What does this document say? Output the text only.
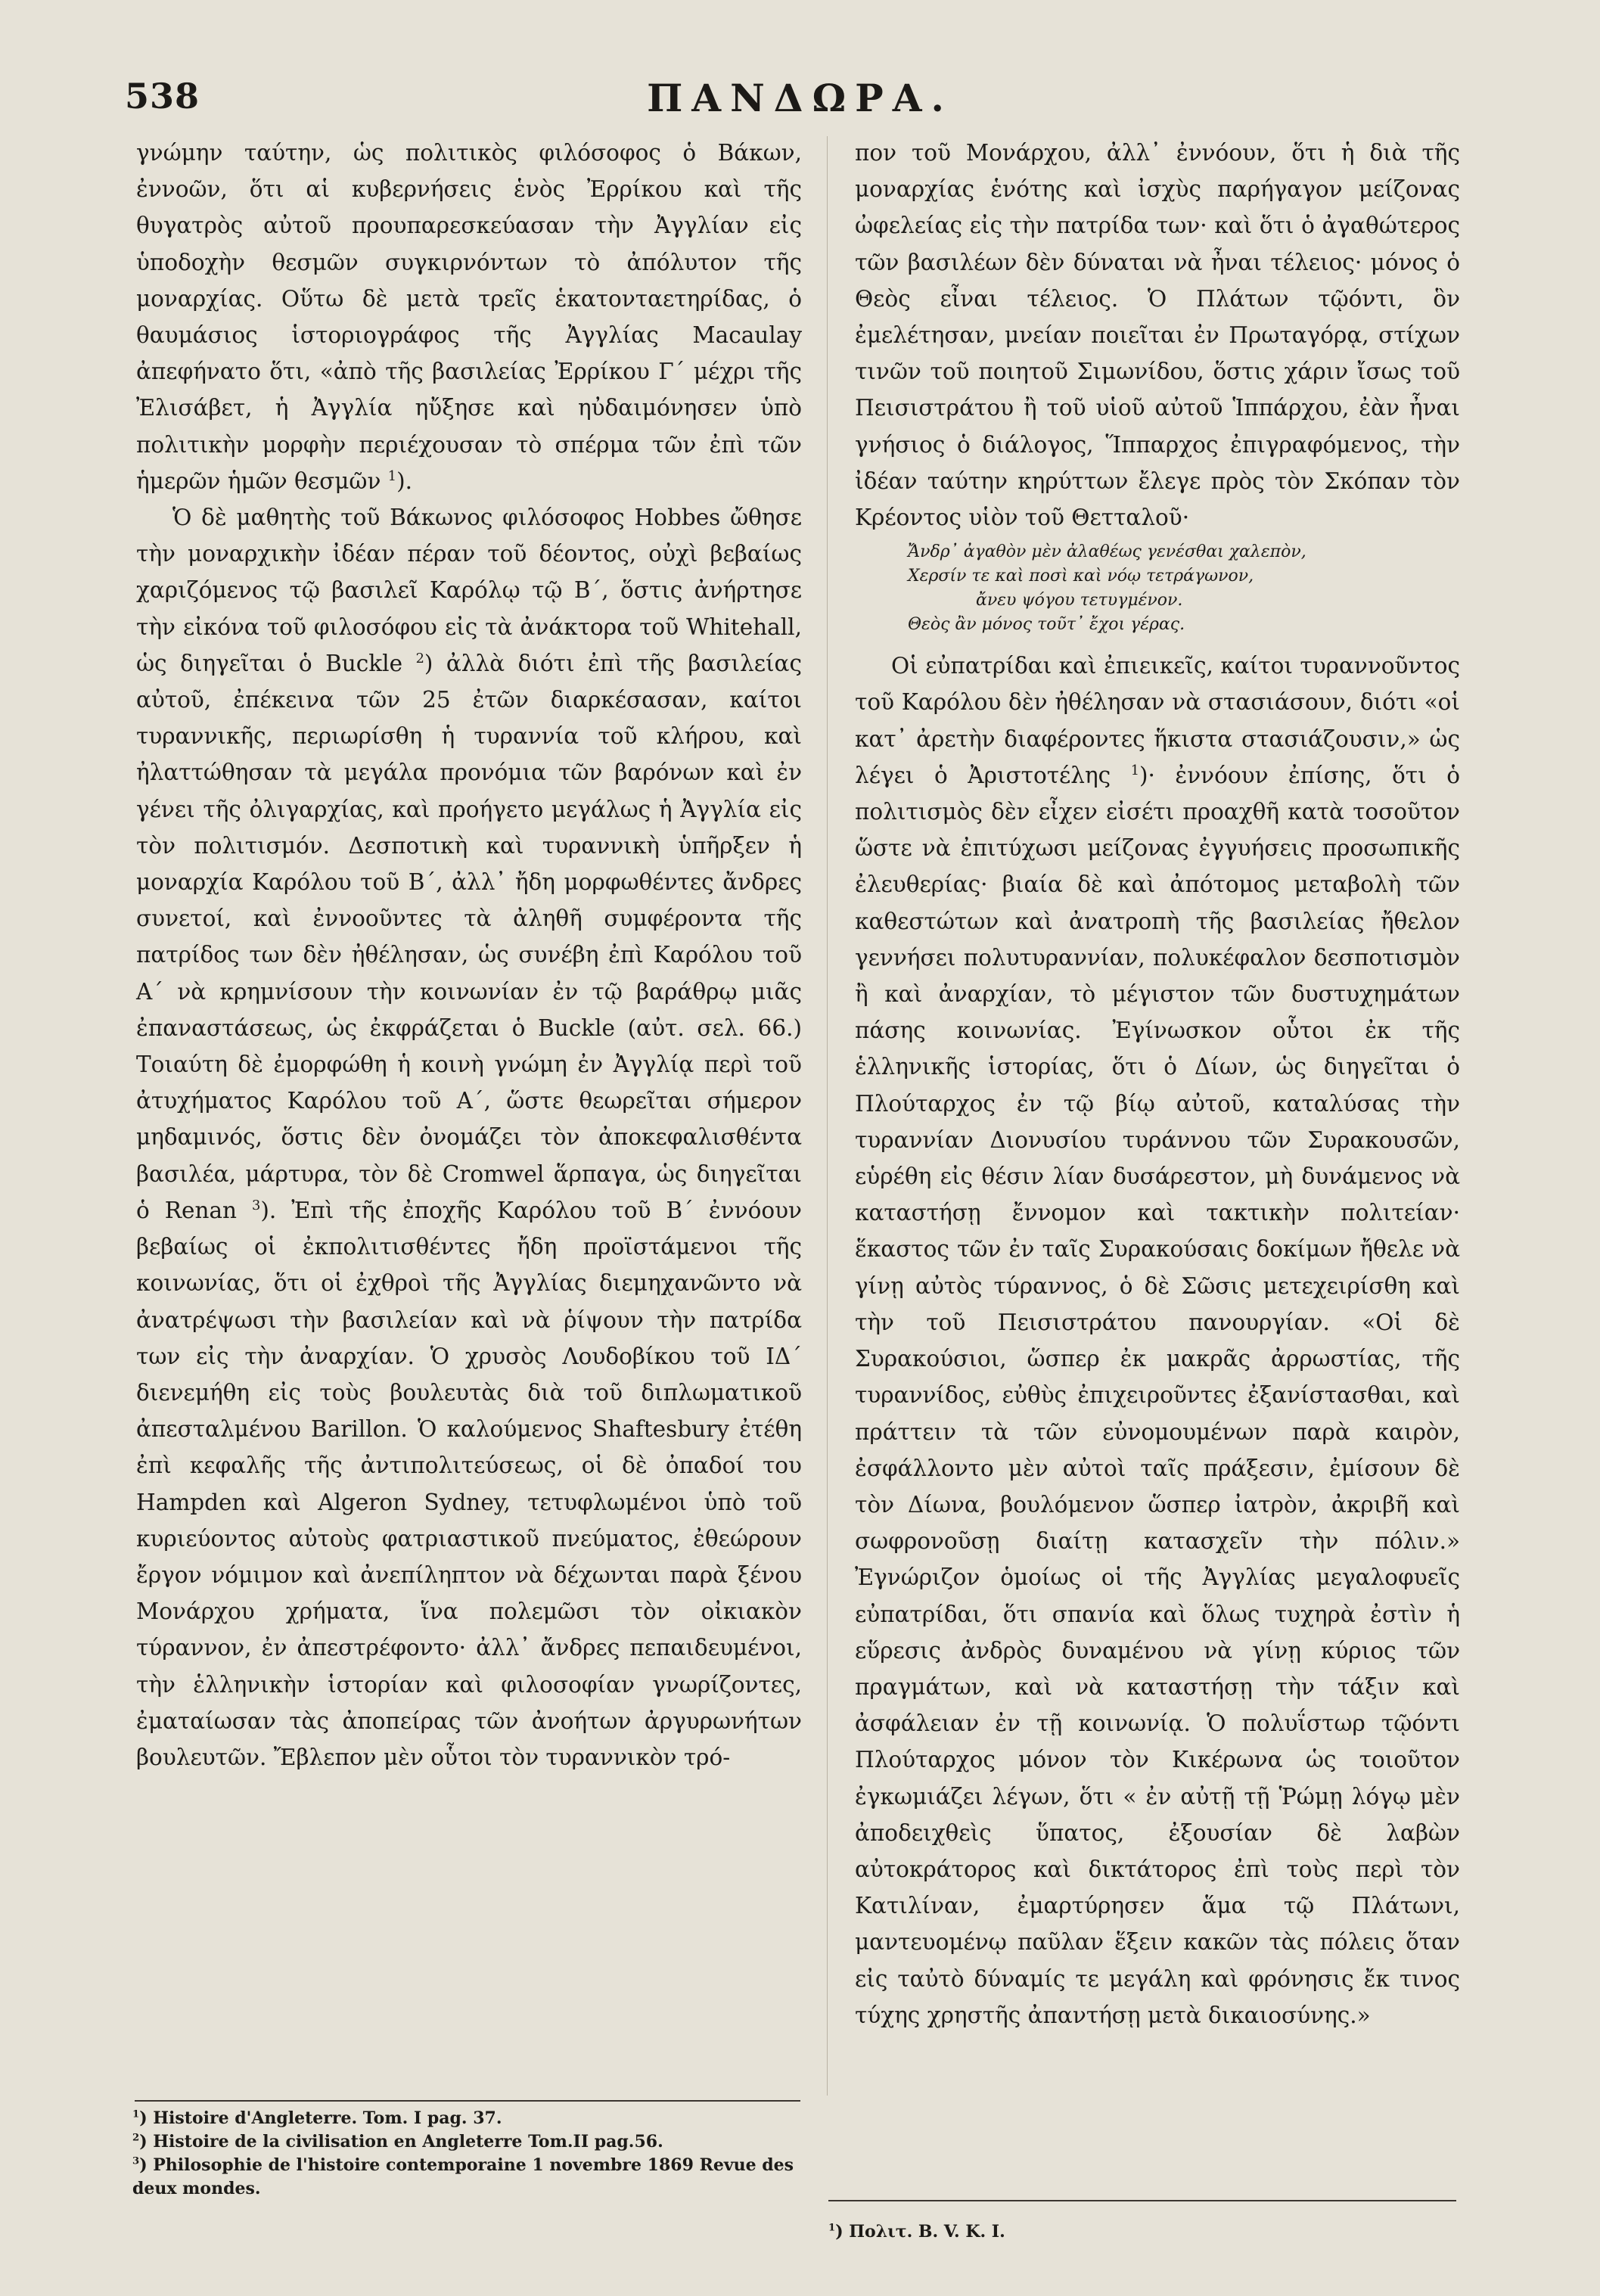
538	ΠΑΝΔΩΡΑ.

γνώμην ταύτην, ὡς πολιτικὸς φιλόσοφος ὁ Βάκων, ἐννοῶν, ὅτι αἱ κυβερνήσεις ἑνὸς Ἐρρίκου καὶ τῆς θυγατρὸς αὐτοῦ προυπαρεσκεύασαν τὴν Ἀγγλίαν εἰς ὑποδοχὴν θεσμῶν συγκιρνόντων τὸ ἀπόλυτον τῆς μοναρχίας. Οὕτω δὲ μετὰ τρεῖς ἑκατονταετηρίδας, ὁ θαυμάσιος ἱστοριογράφος τῆς Ἀγγλίας Macaulay ἀπεφήνατο ὅτι, «ἀπὸ τῆς βασιλείας Ἐρρίκου Γ΄ μέχρι τῆς Ἐλισάβετ, ἡ Ἀγγλία ηὔξησε καὶ ηὐδαιμόνησεν ὑπὸ πολιτικὴν μορφὴν περιέχουσαν τὸ σπέρμα τῶν ἐπὶ τῶν ἡμερῶν ἡμῶν θεσμῶν $^1$).

Ὁ δὲ μαθητὴς τοῦ Βάκωνος φιλόσοφος Hobbes ὤθησε τὴν μοναρχικὴν ἰδέαν πέραν τοῦ δέοντος, οὐχὶ βεβαίως χαριζόμενος τῷ βασιλεῖ Καρόλῳ τῷ Β΄, ὅστις ἀνήρτησε τὴν εἰκόνα τοῦ φιλοσόφου εἰς τὰ ἀνάκτορα τοῦ Whitehall, ὡς διηγεῖται ὁ Buckle $^2$) ἀλλὰ διότι ἐπὶ τῆς βασιλείας αὐτοῦ, ἐπέκεινα τῶν 25 ἐτῶν διαρκέσασαν, καίτοι τυραννικῆς, περιωρίσθη ἡ τυραννία τοῦ κλήρου, καὶ ἠλαττώθησαν τὰ μεγάλα προνόμια τῶν βαρόνων καὶ ἐν γένει τῆς ὀλιγαρχίας, καὶ προήγετο μεγάλως ἡ Ἀγγλία εἰς τὸν πολιτισμόν. Δεσποτικὴ καὶ τυραννικὴ ὑπῆρξεν ἡ μοναρχία Καρόλου τοῦ Β΄, ἀλλ᾽ ἤδη μορφωθέντες ἄνδρες συνετοί, καὶ ἐννοοῦντες τὰ ἀληθῆ συμφέροντα τῆς πατρίδος των δὲν ἠθέλησαν, ὡς συνέβη ἐπὶ Καρόλου τοῦ Α΄ νὰ κρημνίσουν τὴν κοινωνίαν ἐν τῷ βαράθρῳ μιᾶς ἐπαναστάσεως, ὡς ἐκφράζεται ὁ Buckle (αὐτ. σελ. 66.) Τοιαύτη δὲ ἐμορφώθη ἡ κοινὴ γνώμη ἐν Ἀγγλίᾳ περὶ τοῦ ἀτυχήματος Καρόλου τοῦ Α΄, ὥστε θεωρεῖται σήμερον μηδαμινός, ὅστις δὲν ὀνομάζει τὸν ἀποκεφαλισθέντα βασιλέα, μάρτυρα, τὸν δὲ Cromwel ἅρπαγα, ὡς διηγεῖται ὁ Renan $^3$). Ἐπὶ τῆς ἐποχῆς Καρόλου τοῦ Β΄ ἐννόουν βεβαίως οἱ ἐκπολιτισθέντες ἤδη προϊστάμενοι τῆς κοινωνίας, ὅτι οἱ ἐχθροὶ τῆς Ἀγγλίας διεμηχανῶντο νὰ ἀνατρέψωσι τὴν βασιλείαν καὶ νὰ ῥίψουν τὴν πατρίδα των εἰς τὴν ἀναρχίαν. Ὁ χρυσὸς Λουδοβίκου τοῦ ΙΔ΄ διενεμήθη εἰς τοὺς βουλευτὰς διὰ τοῦ διπλωματικοῦ ἀπεσταλμένου Barillon. Ὁ καλούμενος Shaftesbury ἐτέθη ἐπὶ κεφαλῆς τῆς ἀντιπολιτεύσεως, οἱ δὲ ὀπαδοί του Hampden καὶ Algeron Sydney, τετυφλωμένοι ὑπὸ τοῦ κυριεύοντος αὐτοὺς φατριαστικοῦ πνεύματος, ἐθεώρουν ἔργον νόμιμον καὶ ἀνεπίληπτον νὰ δέχωνται παρὰ ξένου Μονάρχου χρήματα, ἵνα πολεμῶσι τὸν οἰκιακὸν τύραννον, ἐν ἀπεστρέφοντο· ἀλλ᾽ ἄνδρες πεπαιδευμένοι, τὴν ἑλληνικὴν ἱστορίαν καὶ φιλοσοφίαν γνωρίζοντες, ἐματαίωσαν τὰς ἀποπείρας τῶν ἀνοήτων ἀργυρωνήτων βουλευτῶν. Ἔβλεπον μὲν οὗτοι τὸν τυραννικὸν τρό-

πον τοῦ Μονάρχου, ἀλλ᾽ ἐννόουν, ὅτι ἡ διὰ τῆς μοναρχίας ἑνότης καὶ ἰσχὺς παρήγαγον μείζονας ὠφελείας εἰς τὴν πατρίδα των· καὶ ὅτι ὁ ἀγαθώτερος τῶν βασιλέων δὲν δύναται νὰ ἦναι τέλειος· μόνος ὁ Θεὸς εἶναι τέλειος. Ὁ Πλάτων τῷόντι, ὃν ἐμελέτησαν, μνείαν ποιεῖται ἐν Πρωταγόρᾳ, στίχων τινῶν τοῦ ποιητοῦ Σιμωνίδου, ὅστις χάριν ἴσως τοῦ Πεισιστράτου ἢ τοῦ υἱοῦ αὐτοῦ Ἱππάρχου, ἐὰν ἦναι γνήσιος ὁ διάλογος, Ἵππαρχος ἐπιγραφόμενος, τὴν ἰδέαν ταύτην κηρύττων ἔλεγε πρὸς τὸν Σκόπαν τὸν Κρέοντος υἱὸν τοῦ Θετταλοῦ·

Ἄνδρ᾽ ἀγαθὸν μὲν ἀλαθέως γενέσθαι χαλεπὸν,
Χερσίν τε καὶ ποσὶ καὶ νόῳ τετράγωνον,
ἄνευ ψόγου τετυγμένον.
Θεὸς ἂν μόνος τοῦτ᾽ ἔχοι γέρας.

Οἱ εὐπατρίδαι καὶ ἐπιεικεῖς, καίτοι τυραννοῦντος τοῦ Καρόλου δὲν ἠθέλησαν νὰ στασιάσουν, διότι «οἱ κατ᾽ ἀρετὴν διαφέροντες ἥκιστα στασιάζουσιν,» ὡς λέγει ὁ Ἀριστοτέλης $^1$)· ἐννόουν ἐπίσης, ὅτι ὁ πολιτισμὸς δὲν εἶχεν εἰσέτι προαχθῆ κατὰ τοσοῦτον ὥστε νὰ ἐπιτύχωσι μείζονας ἐγγυήσεις προσωπικῆς ἐλευθερίας· βιαία δὲ καὶ ἀπότομος μεταβολὴ τῶν καθεστώτων καὶ ἀνατροπὴ τῆς βασιλείας ἤθελον γεννήσει πολυτυραννίαν, πολυκέφαλον δεσποτισμὸν ἢ καὶ ἀναρχίαν, τὸ μέγιστον τῶν δυστυχημάτων πάσης κοινωνίας. Ἐγίνωσκον οὗτοι ἐκ τῆς ἑλληνικῆς ἱστορίας, ὅτι ὁ Δίων, ὡς διηγεῖται ὁ Πλούταρχος ἐν τῷ βίῳ αὐτοῦ, καταλύσας τὴν τυραννίαν Διονυσίου τυράννου τῶν Συρακουσῶν, εὑρέθη εἰς θέσιν λίαν δυσάρεστον, μὴ δυνάμενος νὰ καταστήσῃ ἔννομον καὶ τακτικὴν πολιτείαν· ἕκαστος τῶν ἐν ταῖς Συρακούσαις δοκίμων ἤθελε νὰ γίνῃ αὐτὸς τύραννος, ὁ δὲ Σῶσις μετεχειρίσθη καὶ τὴν τοῦ Πεισιστράτου πανουργίαν. «Οἱ δὲ Συρακούσιοι, ὥσπερ ἐκ μακρᾶς ἀρρωστίας, τῆς τυραννίδος, εὐθὺς ἐπιχειροῦντες ἐξανίστασθαι, καὶ πράττειν τὰ τῶν εὐνομουμένων παρὰ καιρὸν, ἐσφάλλοντο μὲν αὐτοὶ ταῖς πράξεσιν, ἐμίσουν δὲ τὸν Δίωνα, βουλόμενον ὥσπερ ἰατρὸν, ἀκριβῆ καὶ σωφρονοῦσῃ διαίτῃ κατασχεῖν τὴν πόλιν.» Ἐγνώριζον ὁμοίως οἱ τῆς Ἀγγλίας μεγαλοφυεῖς εὐπατρίδαι, ὅτι σπανία καὶ ὅλως τυχηρὰ ἐστὶν ἡ εὕρεσις ἀνδρὸς δυναμένου νὰ γίνῃ κύριος τῶν πραγμάτων, καὶ νὰ καταστήσῃ τὴν τάξιν καὶ ἀσφάλειαν ἐν τῇ κοινωνίᾳ. Ὁ πολυΐστωρ τῷόντι Πλούταρχος μόνον τὸν Κικέρωνα ὡς τοιοῦτον ἐγκωμιάζει λέγων, ὅτι « ἐν αὐτῇ τῇ Ῥώμῃ λόγῳ μὲν ἀποδειχθεὶς ὕπατος, ἐξουσίαν δὲ λαβὼν αὐτοκράτορος καὶ δικτάτορος ἐπὶ τοὺς περὶ τὸν Κατιλίναν, ἐμαρτύρησεν ἅμα τῷ Πλάτωνι, μαντευομένῳ παῦλαν ἕξειν κακῶν τὰς πόλεις ὅταν εἰς ταὐτὸ δύναμίς τε μεγάλη καὶ φρόνησις ἔκ τινος τύχης χρηστῆς ἀπαντήσῃ μετὰ δικαιοσύνης.»

$^1$) Histoire d'Angleterre. Tom. I pag. 37.
$^2$) Histoire de la civilisation en Angleterre Tom.II pag.56.
$^3$) Philosophie de l'histoire contemporaine 1 novembre 1869 Revue des deux mondes.
$^1$) Πολιτ. B. V. K. I.
